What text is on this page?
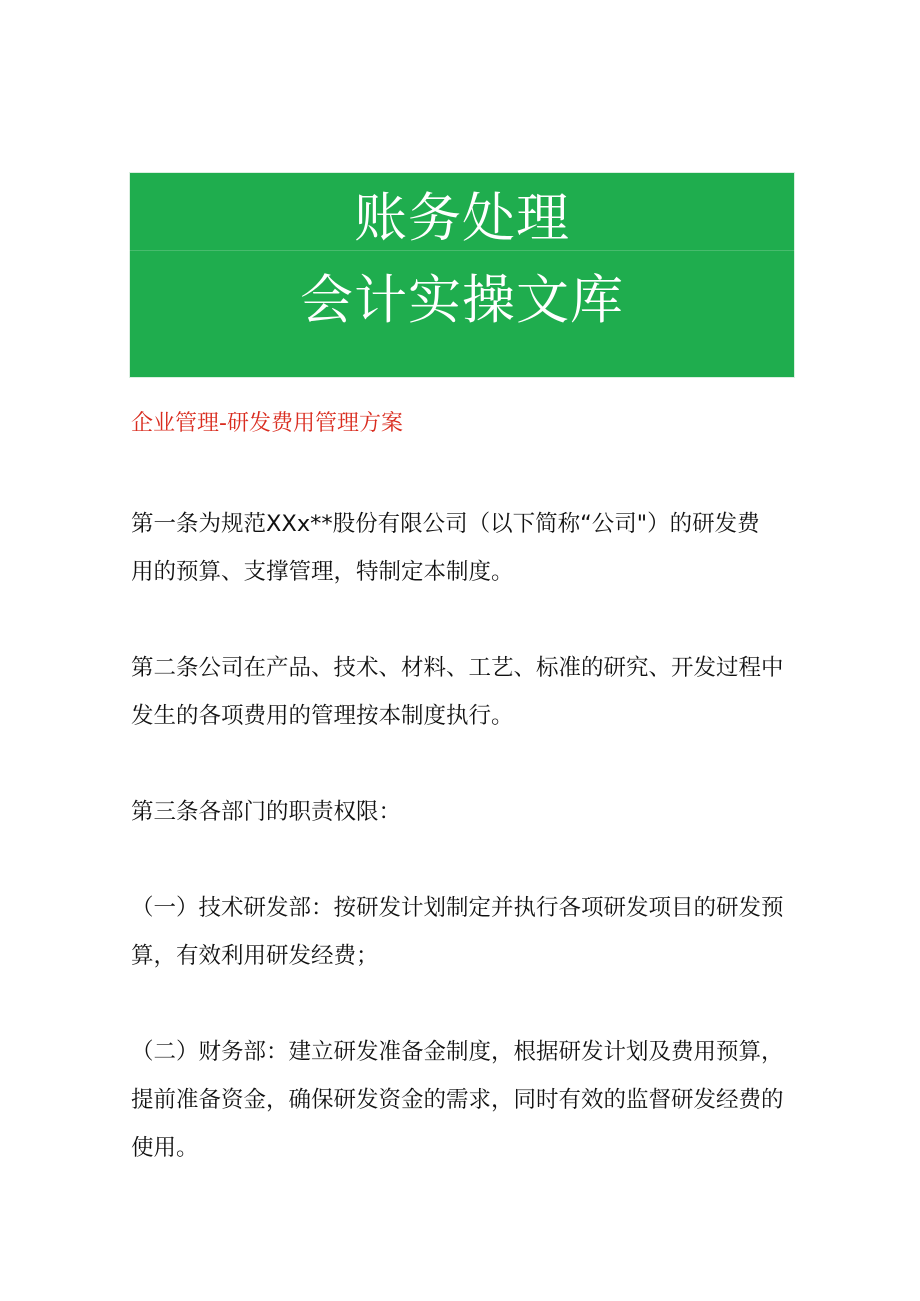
账务处理
会计实操文库
企业管理-研发费用管理方案
第一条为规范XXx**股份有限公司（以下简称“公司"）的研发费
用的预算、支撑管理，特制定本制度。
第二条公司在产品、技术、材料、工艺、标准的研究、开发过程中
发生的各项费用的管理按本制度执行。
第三条各部门的职责权限：
（一）技术研发部：按研发计划制定并执行各项研发项目的研发预
算，有效利用研发经费；
（二）财务部：建立研发准备金制度，根据研发计划及费用预算，
提前准备资金，确保研发资金的需求，同时有效的监督研发经费的
使用。
